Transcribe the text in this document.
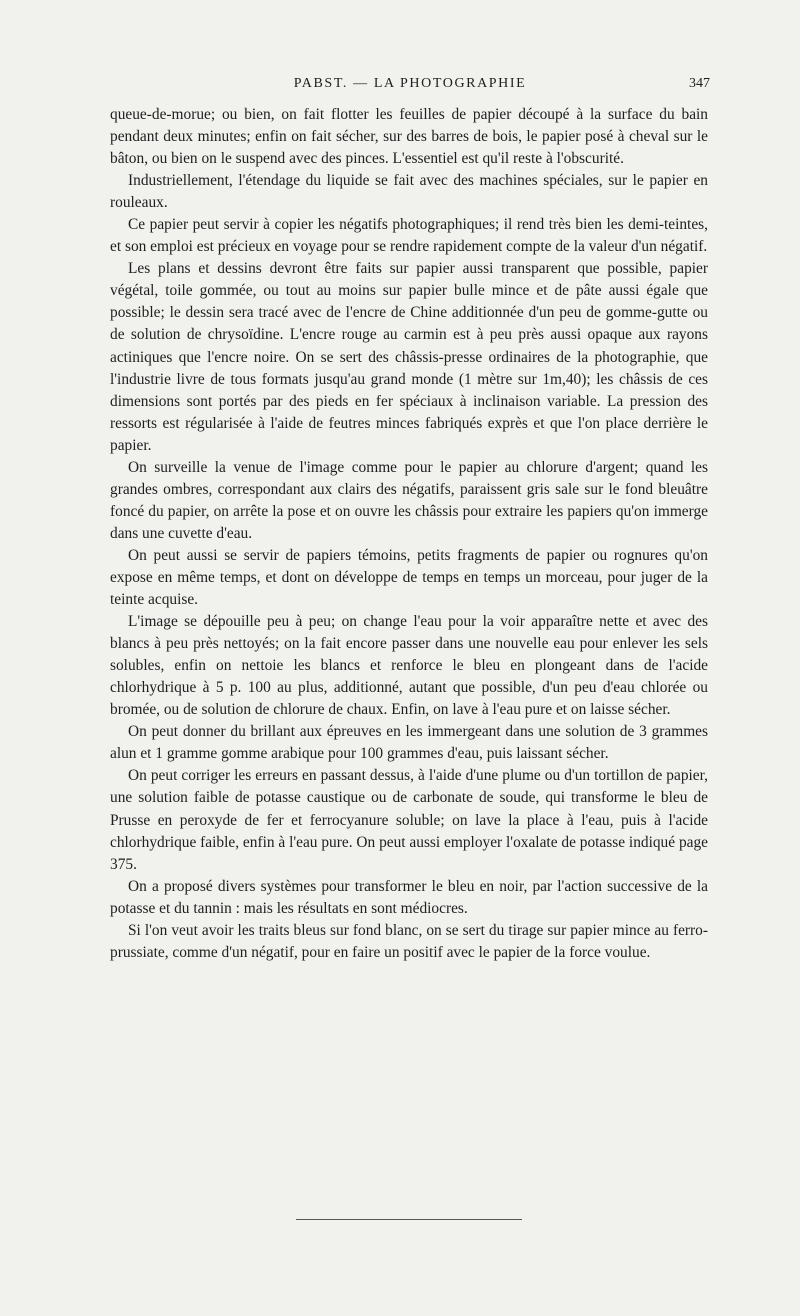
PABST. — LA PHOTOGRAPHIE	347

queue-de-morue; ou bien, on fait flotter les feuilles de papier découpé à la surface du bain pendant deux minutes; enfin on fait sécher, sur des barres de bois, le papier posé à cheval sur le bâton, ou bien on le suspend avec des pinces. L'essentiel est qu'il reste à l'obscurité.

Industriellement, l'étendage du liquide se fait avec des machines spéciales, sur le papier en rouleaux.

Ce papier peut servir à copier les négatifs photographiques; il rend très bien les demi-teintes, et son emploi est précieux en voyage pour se rendre rapidement compte de la valeur d'un négatif.

Les plans et dessins devront être faits sur papier aussi transparent que possible, papier végétal, toile gommée, ou tout au moins sur papier bulle mince et de pâte aussi égale que possible; le dessin sera tracé avec de l'encre de Chine additionnée d'un peu de gomme-gutte ou de solution de chrysoïdine. L'encre rouge au carmin est à peu près aussi opaque aux rayons actiniques que l'encre noire. On se sert des châssis-presse ordinaires de la photographie, que l'industrie livre de tous formats jusqu'au grand monde (1 mètre sur 1m,40); les châssis de ces dimensions sont portés par des pieds en fer spéciaux à inclinaison variable. La pression des ressorts est régularisée à l'aide de feutres minces fabriqués exprès et que l'on place derrière le papier.

On surveille la venue de l'image comme pour le papier au chlorure d'argent; quand les grandes ombres, correspondant aux clairs des négatifs, paraissent gris sale sur le fond bleuâtre foncé du papier, on arrête la pose et on ouvre les châssis pour extraire les papiers qu'on immerge dans une cuvette d'eau.

On peut aussi se servir de papiers témoins, petits fragments de papier ou rognures qu'on expose en même temps, et dont on développe de temps en temps un morceau, pour juger de la teinte acquise.

L'image se dépouille peu à peu; on change l'eau pour la voir apparaître nette et avec des blancs à peu près nettoyés; on la fait encore passer dans une nouvelle eau pour enlever les sels solubles, enfin on nettoie les blancs et renforce le bleu en plongeant dans de l'acide chlorhydrique à 5 p. 100 au plus, additionné, autant que possible, d'un peu d'eau chlorée ou bromée, ou de solution de chlorure de chaux. Enfin, on lave à l'eau pure et on laisse sécher.

On peut donner du brillant aux épreuves en les immergeant dans une solution de 3 grammes alun et 1 gramme gomme arabique pour 100 grammes d'eau, puis laissant sécher.

On peut corriger les erreurs en passant dessus, à l'aide d'une plume ou d'un tortillon de papier, une solution faible de potasse caustique ou de carbonate de soude, qui transforme le bleu de Prusse en peroxyde de fer et ferrocyanure soluble; on lave la place à l'eau, puis à l'acide chlorhydrique faible, enfin à l'eau pure. On peut aussi employer l'oxalate de potasse indiqué page 375.

On a proposé divers systèmes pour transformer le bleu en noir, par l'action successive de la potasse et du tannin : mais les résultats en sont médiocres.

Si l'on veut avoir les traits bleus sur fond blanc, on se sert du tirage sur papier mince au ferro-prussiate, comme d'un négatif, pour en faire un positif avec le papier de la force voulue.
